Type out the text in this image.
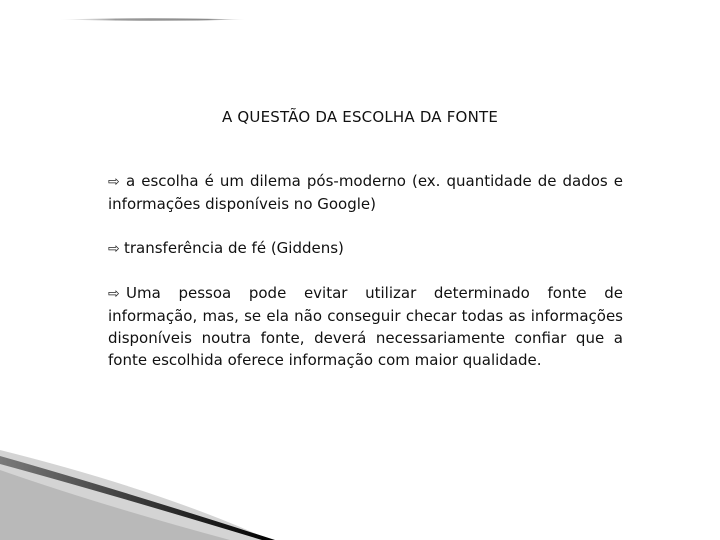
A QUESTÃO DA ESCOLHA DA FONTE
⇨ a escolha é um dilema pós-moderno (ex. quantidade de dados e informações disponíveis no Google)
⇨ transferência de fé (Giddens)
⇨ Uma pessoa pode evitar utilizar determinado fonte de informação, mas, se ela não conseguir checar todas as informações disponíveis noutra fonte, deverá necessariamente confiar que a fonte escolhida oferece informação com maior qualidade.
